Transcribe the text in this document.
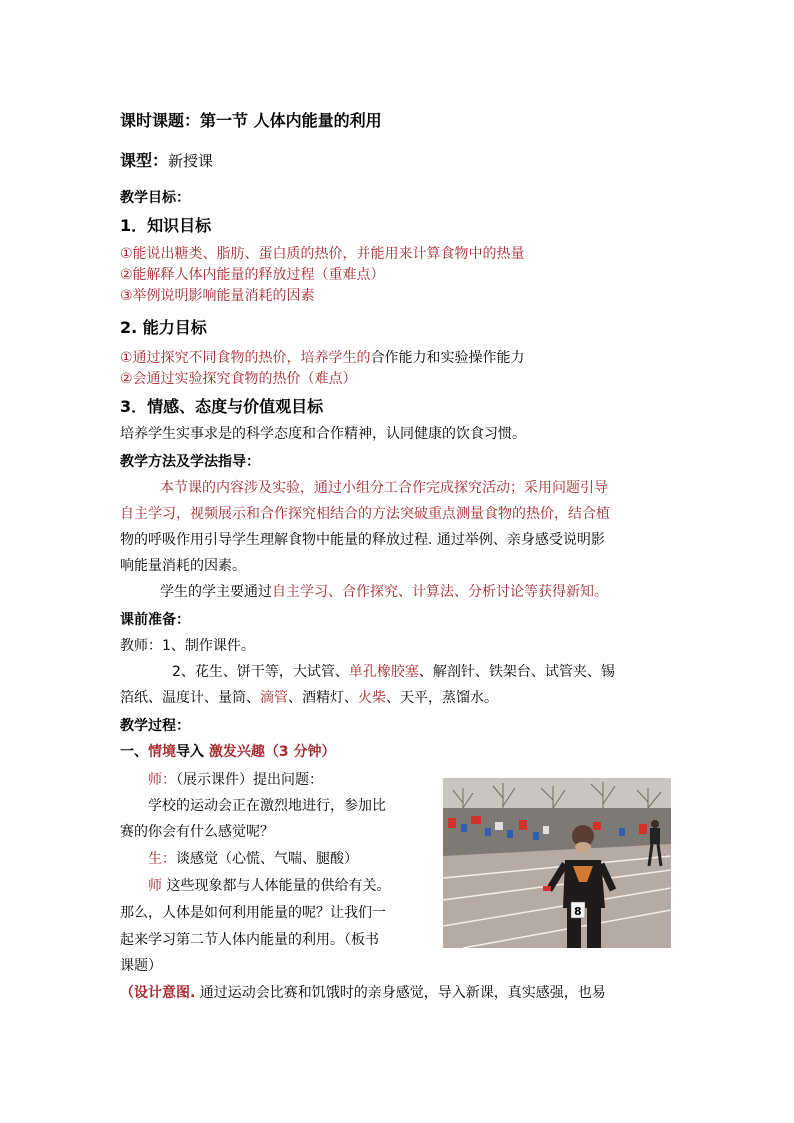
课时课题：第一节 人体内能量的利用
课型：新授课
教学目标：
1．知识目标
①能说出糖类、脂肪、蛋白质的热价，并能用来计算食物中的热量
②能解释人体内能量的释放过程（重难点）
③举例说明影响能量消耗的因素
2. 能力目标
①通过探究不同食物的热价，培养学生的合作能力和实验操作能力
②会通过实验探究食物的热价（难点）
3．情感、态度与价值观目标
培养学生实事求是的科学态度和合作精神，认同健康的饮食习惯。
教学方法及学法指导：
本节课的内容涉及实验，通过小组分工合作完成探究活动；采用问题引导
自主学习，视频展示和合作探究相结合的方法突破重点测量食物的热价，结合植
物的呼吸作用引导学生理解食物中能量的释放过程. 通过举例、亲身感受说明影
响能量消耗的因素。
学生的学主要通过自主学习、合作探究、计算法、分析讨论等获得新知。
课前准备：
教师：1、制作课件。
2、花生、饼干等，大试管、单孔橡胶塞、解剖针、铁架台、试管夹、锡
箔纸、温度计、量筒、滴管、酒精灯、火柴、天平，蒸馏水。
教学过程：
一、情境导入 激发兴趣（3 分钟）
师：（展示课件）提出问题：
学校的运动会正在激烈地进行，参加比
赛的你会有什么感觉呢？
生：谈感觉（心慌、气喘、腿酸）
师 这些现象都与人体能量的供给有关。
那么，人体是如何利用能量的呢？让我们一
起来学习第二节人体内能量的利用。（板书
课题）
（设计意图. 通过运动会比赛和饥饿时的亲身感觉，导入新课，真实感强，也易
8
